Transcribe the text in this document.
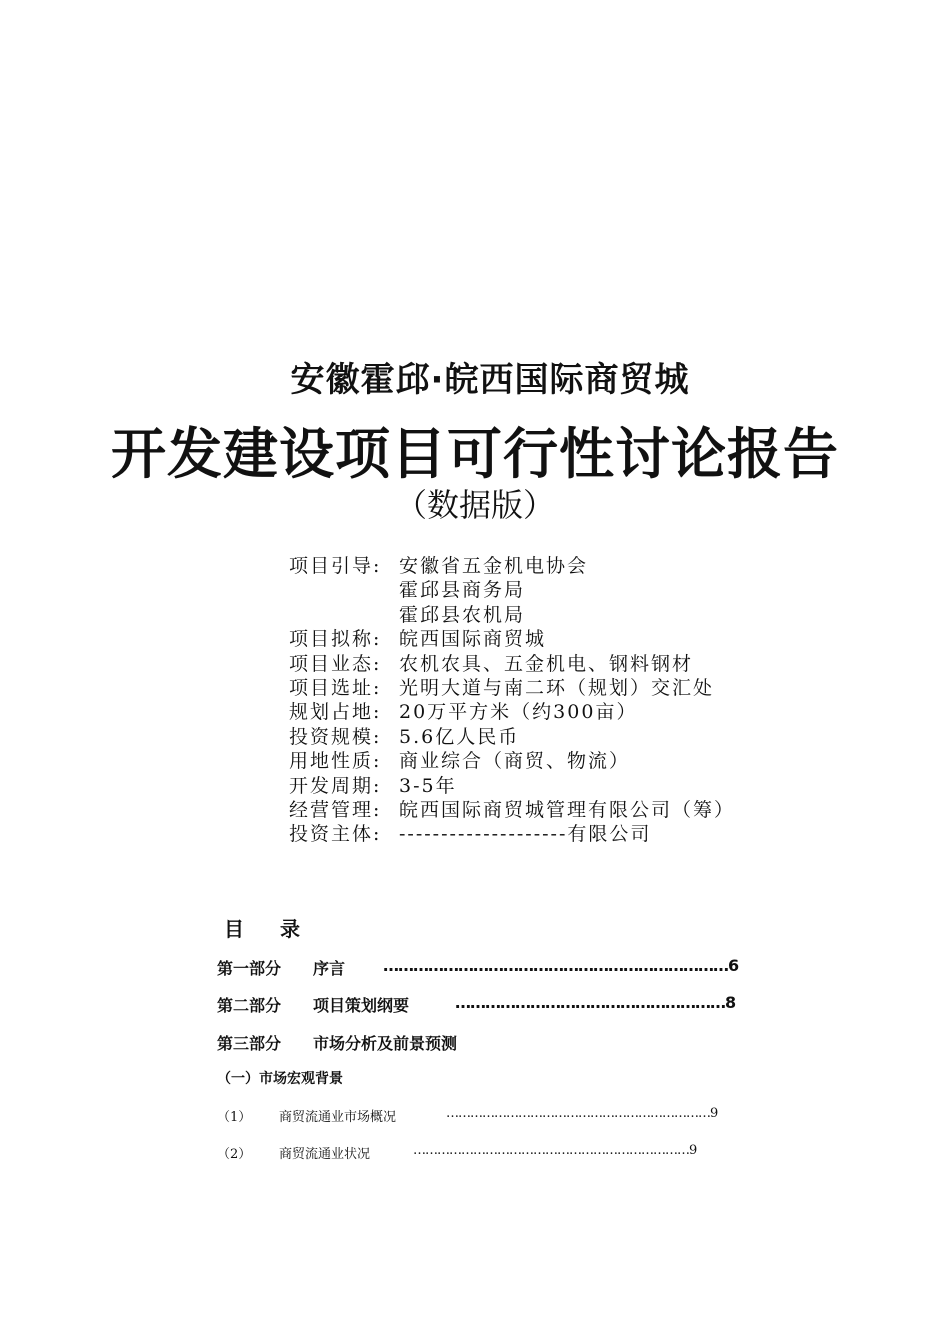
安徽霍邱·皖西国际商贸城
开发建设项目可行性讨论报告
（数据版）
项目引导: 安徽省五金机电协会
霍邱县商务局
霍邱县农机局
项目拟称: 皖西国际商贸城
项目业态: 农机农具、五金机电、钢料钢材
项目选址: 光明大道与南二环（规划）交汇处
规划占地: 20万平方米（约300亩）
投资规模: 5.6亿人民币
用地性质: 商业综合（商贸、物流）
开发周期: 3-5年
经营管理: 皖西国际商贸城管理有限公司（筹）
投资主体: --------------------有限公司
目 录
第一部分 序言 ……………………………………………………………6
第二部分 项目策划纲要	………………………………………………8
第三部分 市场分析及前景预测
（一）市场宏观背景
（1） 商贸流通业市场概况	…………………………………………………………9
（2） 商贸流通业状况	……………………………………………………………9
